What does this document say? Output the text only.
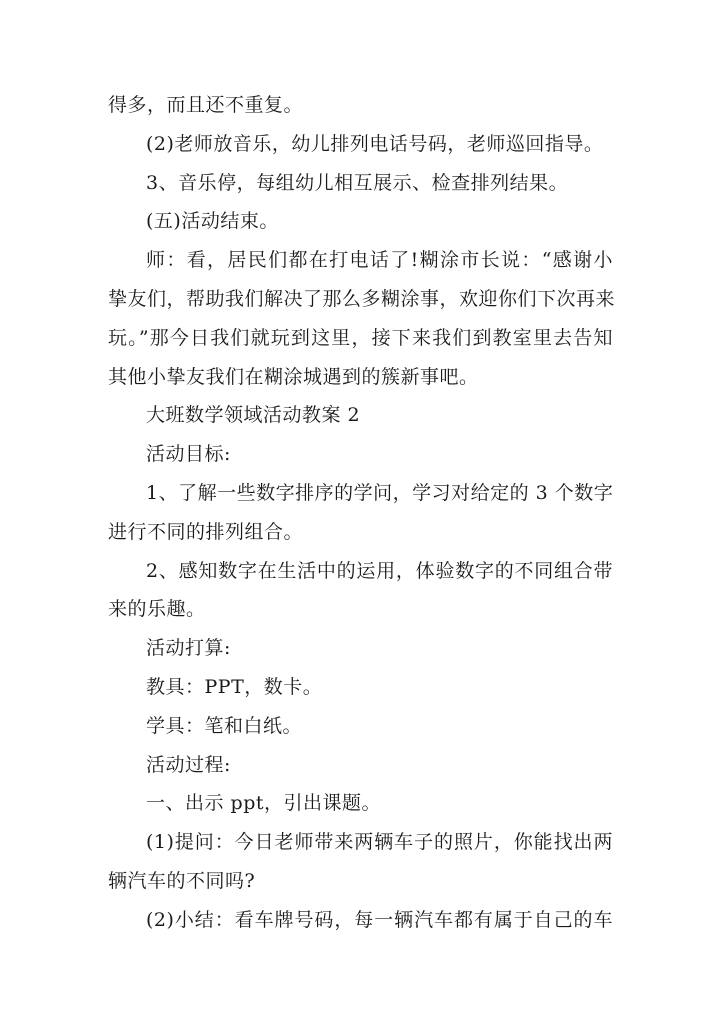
得多，而且还不重复。
(2)老师放音乐，幼儿排列电话号码，老师巡回指导。
3、音乐停，每组幼儿相互展示、检查排列结果。
(五)活动结束。
师：看，居民们都在打电话了!糊涂市长说：“感谢小
挚友们，帮助我们解决了那么多糊涂事，欢迎你们下次再来
玩。”那今日我们就玩到这里，接下来我们到教室里去告知
其他小挚友我们在糊涂城遇到的簇新事吧。
大班数学领域活动教案 2
活动目标:
1、了解一些数字排序的学问，学习对给定的 3 个数字
进行不同的排列组合。
2、感知数字在生活中的运用，体验数字的不同组合带
来的乐趣。
活动打算:
教具：PPT，数卡。
学具：笔和白纸。
活动过程:
一、出示 ppt，引出课题。
(1)提问：今日老师带来两辆车子的照片，你能找出两
辆汽车的不同吗?
(2)小结：看车牌号码，每一辆汽车都有属于自己的车
